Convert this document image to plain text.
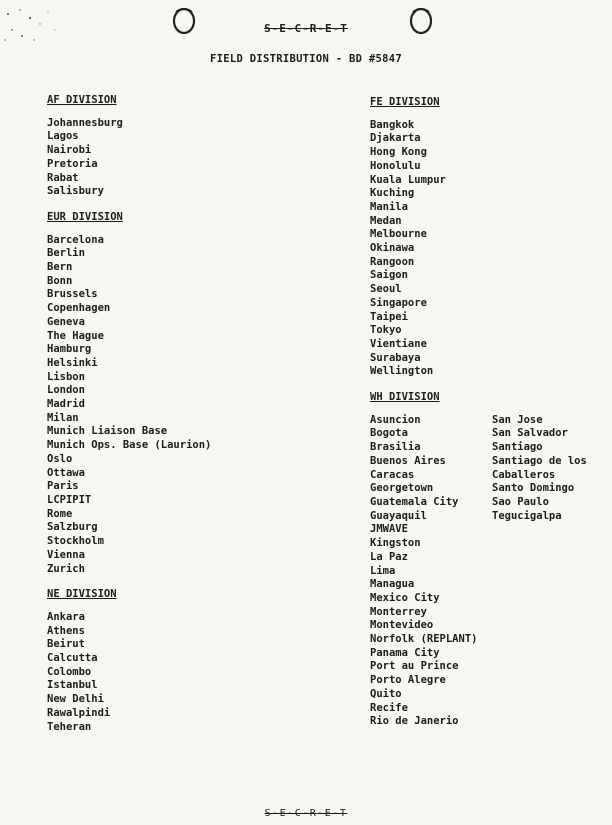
S-E-C-R-E-T
FIELD DISTRIBUTION - BD #5847
AF DIVISION
Johannesburg
Lagos
Nairobi
Pretoria
Rabat
Salisbury
EUR DIVISION
Barcelona
Berlin
Bern
Bonn
Brussels
Copenhagen
Geneva
The Hague
Hamburg
Helsinki
Lisbon
London
Madrid
Milan
Munich Liaison Base
Munich Ops. Base (Laurion)
Oslo
Ottawa
Paris
LCPIPIT
Rome
Salzburg
Stockholm
Vienna
Zurich
NE DIVISION
Ankara
Athens
Beirut
Calcutta
Colombo
Istanbul
New Delhi
Rawalpindi
Teheran
FE DIVISION
Bangkok
Djakarta
Hong Kong
Honolulu
Kuala Lumpur
Kuching
Manila
Medan
Melbourne
Okinawa
Rangoon
Saigon
Seoul
Singapore
Taipei
Tokyo
Vientiane
Surabaya
Wellington
WH DIVISION
Asuncion
Bogota
Brasilia
Buenos Aires
Caracas
Georgetown
Guatemala City
Guayaquil
JMWAVE
Kingston
La Paz
Lima
Managua
Mexico City
Monterrey
Montevideo
Norfolk (REPLANT)
Panama City
Port au Prince
Porto Alegre
Quito
Recife
Rio de Janerio
San Jose
San Salvador
Santiago
Santiago de los
Caballeros
Santo Domingo
Sao Paulo
Tegucigalpa
S-E-C-R-E-T
